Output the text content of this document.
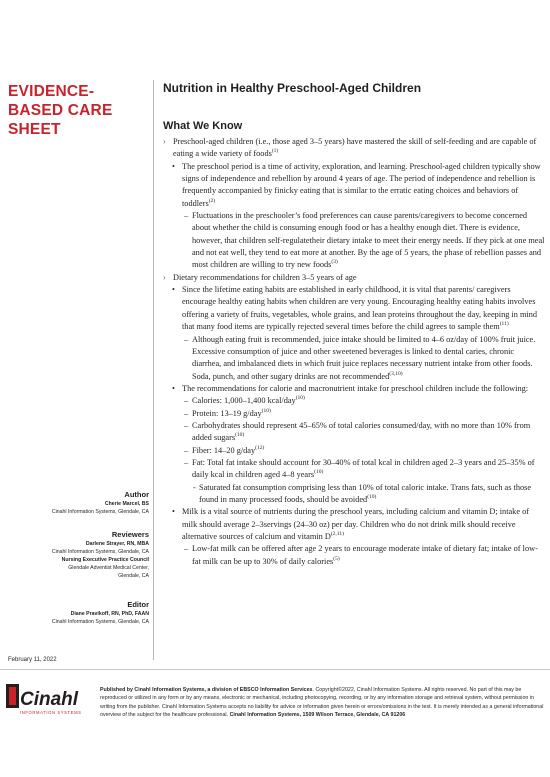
EVIDENCE-
BASED CARE
SHEET
Author
Cherie Marcel, BS
Cinahl Information Systems, Glendale, CA
Reviewers
Darlene Strayer, RN, MBA
Cinahl Information Systems, Glendale, CA
Nursing Executive Practice Council
Glendale Adventist Medical Center,
Glendale, CA
Editor
Diane Pravikoff, RN, PhD, FAAN
Cinahl Information Systems, Glendale, CA
February 11, 2022
Nutrition in Healthy Preschool-Aged Children
What We Know
› Preschool-aged children (i.e., those aged 3–5 years) have mastered the skill of self-feeding and are capable of eating a wide variety of foods$^{(1)}$
• The preschool period is a time of activity, exploration, and learning. Preschool-aged children typically show signs of independence and rebellion by around 4 years of age. The period of independence and rebellion is frequently accompanied by finicky eating that is similar to the erratic eating choices and behaviors of toddlers$^{(2)}$
– Fluctuations in the preschooler’s food preferences can cause parents/caregivers to become concerned about whether the child is consuming enough food or has a healthy enough diet. There is evidence, however, that children self-regulatetheir dietary intake to meet their energy needs. If they pick at one meal and not eat well, they tend to eat more at another. By the age of 5 years, the phase of rebellion passes and most children are willing to try new foods$^{(3)}$
› Dietary recommendations for children 3–5 years of age
• Since the lifetime eating habits are established in early childhood, it is vital that parents/ caregivers encourage healthy eating habits when children are very young. Encouraging healthy eating habits involves offering a variety of fruits, vegetables, whole grains, and lean proteins throughout the day, keeping in mind that many food items are typically rejected several times before the child agrees to sample them$^{(11)}$
– Although eating fruit is recommended, juice intake should be limited to 4–6 oz/day of 100% fruit juice. Excessive consumption of juice and other sweetened beverages is linked to dental caries, chronic diarrhea, and imbalanced diets in which fruit juice replaces necessary nutrient intake from other foods. Soda, punch, and other sugary drinks are not recommended$^{(3,10)}$
• The recommendations for calorie and macronutrient intake for preschool children include the following:
– Calories: 1,000–1,400 kcal/day$^{(10)}$
– Protein: 13–19 g/day$^{(10)}$
– Carbohydrates should represent 45–65% of total calories consumed/day, with no more than 10% from added sugars$^{(10)}$
– Fiber: 14–20 g/day$^{(12)}$
– Fat: Total fat intake should account for 30–40% of total kcal in children aged 2–3 years and 25–35% of daily kcal in children aged 4–8 years$^{(10)}$
- Saturated fat consumption comprising less than 10% of total caloric intake. Trans fats, such as those found in many processed foods, should be avoided$^{(10)}$
• Milk is a vital source of nutrients during the preschool years, including calcium and vitamin D; intake of milk should average 2–3servings (24–30 oz) per day. Children who do not drink milk should receive alternative sources of calcium and vitamin D$^{(2,11)}$
– Low-fat milk can be offered after age 2 years to encourage moderate intake of dietary fat; intake of low-fat milk can be up to 30% of daily calories$^{(5)}$
Cinahl
INFORMATION SYSTEMS
Published by Cinahl Information Systems, a division of EBSCO Information Services. Copyright©2022, Cinahl Information Systems. All rights reserved. No part of this may be reproduced or utilized in any form or by any means, electronic or mechanical, including photocopying, recording, or by any information storage and retrieval system, without permission in writing from the publisher. Cinahl Information Systems accepts no liability for advice or information given herein or errors/omissions in the text. It is merely intended as a general informational overview of the subject for the healthcare professional. Cinahl Information Systems, 1509 Wilson Terrace, Glendale, CA 91206
